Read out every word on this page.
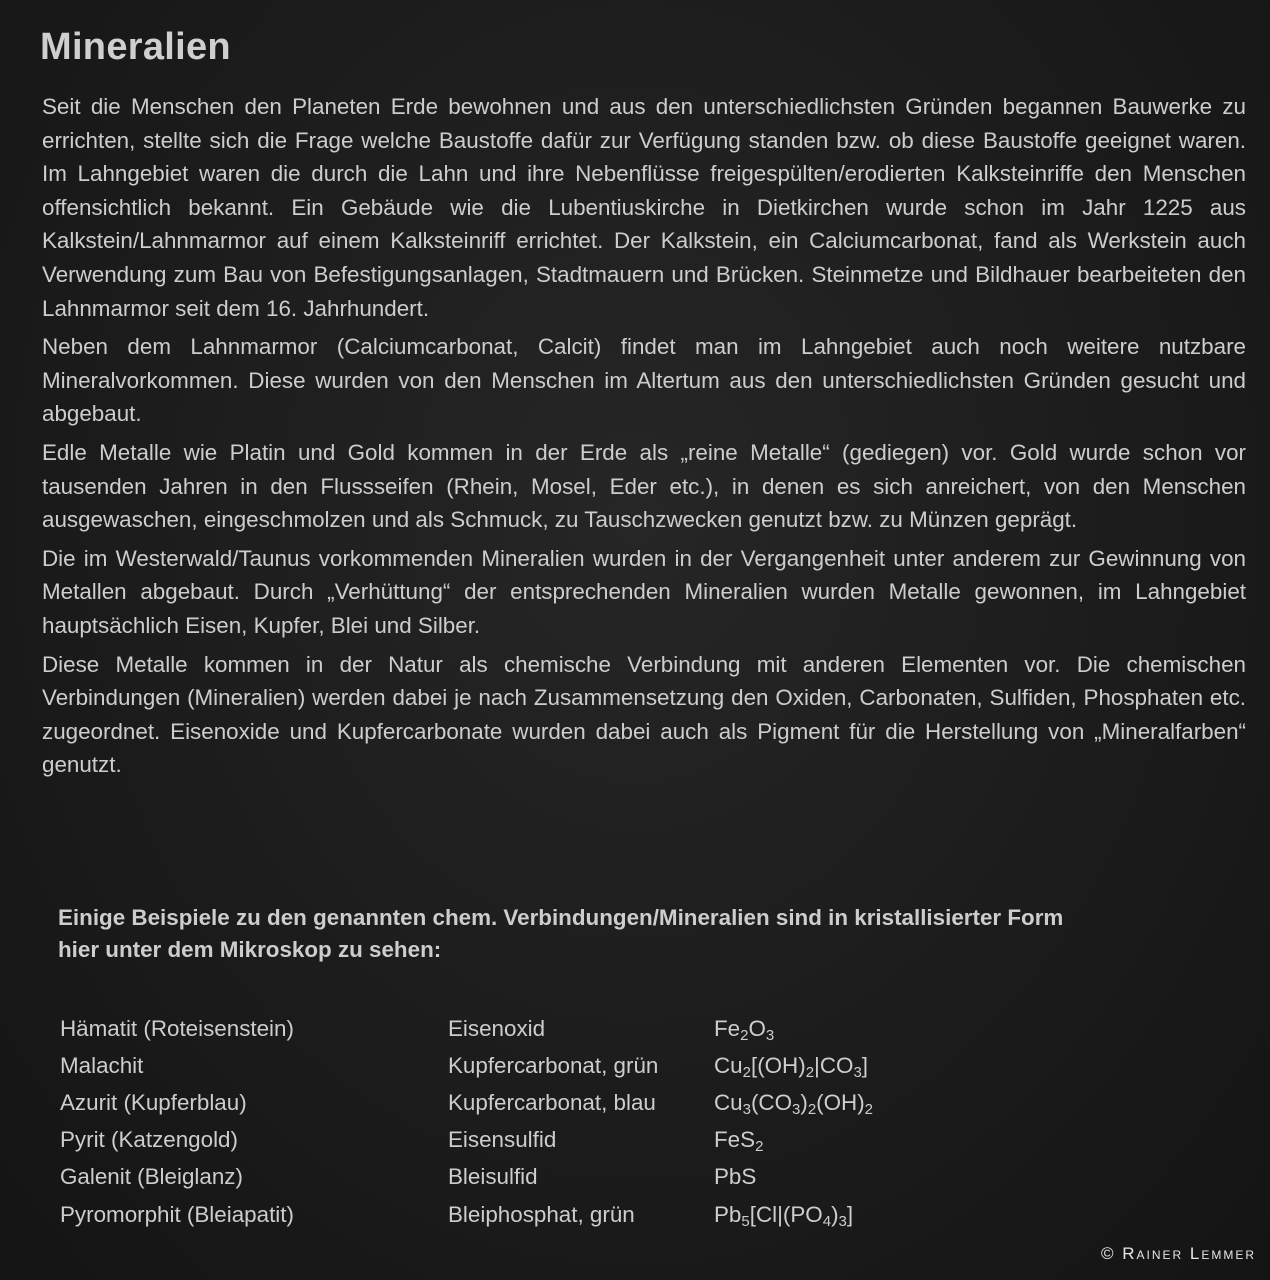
Mineralien

Seit die Menschen den Planeten Erde bewohnen und aus den unterschiedlichsten Gründen begannen Bauwerke zu errichten, stellte sich die Frage welche Baustoffe dafür zur Verfügung standen bzw. ob diese Baustoffe geeignet waren. Im Lahngebiet waren die durch die Lahn und ihre Nebenflüsse freigespülten/erodierten Kalksteinriffe den Menschen offensichtlich bekannt. Ein Gebäude wie die Lubentiuskirche in Dietkirchen wurde schon im Jahr 1225 aus Kalkstein/Lahnmarmor auf einem Kalksteinriff errichtet. Der Kalkstein, ein Calciumcarbonat, fand als Werkstein auch Verwendung zum Bau von Befestigungsanlagen, Stadtmauern und Brücken. Steinmetze und Bildhauer bearbeiteten den Lahnmarmor seit dem 16. Jahrhundert.

Neben dem Lahnmarmor (Calciumcarbonat, Calcit) findet man im Lahngebiet auch noch weitere nutzbare Mineralvorkommen. Diese wurden von den Menschen im Altertum aus den unterschiedlichsten Gründen gesucht und abgebaut.

Edle Metalle wie Platin und Gold kommen in der Erde als „reine Metalle“ (gediegen) vor. Gold wurde schon vor tausenden Jahren in den Flussseifen (Rhein, Mosel, Eder etc.), in denen es sich anreichert, von den Menschen ausgewaschen, eingeschmolzen und als Schmuck, zu Tauschzwecken genutzt bzw. zu Münzen geprägt.

Die im Westerwald/Taunus vorkommenden Mineralien wurden in der Vergangenheit unter anderem zur Gewinnung von Metallen abgebaut. Durch „Verhüttung“ der entsprechenden Mineralien wurden Metalle gewonnen, im Lahngebiet hauptsächlich Eisen, Kupfer, Blei und Silber.

Diese Metalle kommen in der Natur als chemische Verbindung mit anderen Elementen vor. Die chemischen Verbindungen (Mineralien) werden dabei je nach Zusammensetzung den Oxiden, Carbonaten, Sulfiden, Phosphaten etc. zugeordnet. Eisenoxide und Kupfercarbonate wurden dabei auch als Pigment für die Herstellung von „Mineralfarben“ genutzt.

Einige Beispiele zu den genannten chem. Verbindungen/Mineralien sind in kristallisierter Form

hier unter dem Mikroskop zu sehen:

Hämatit (Roteisenstein)	Eisenoxid	$Fe_2O_3$
Malachit	Kupfercarbonat, grün	$Cu_2[(OH)_2|CO_3]$
Azurit (Kupferblau)	Kupfercarbonat, blau	$Cu_3(CO_3)_2(OH)_2$
Pyrit (Katzengold)	Eisensulfid	FeS$_2$
Galenit (Bleiglanz)	Bleisulfid	PbS
Pyromorphit (Bleiapatit)	Bleiphosphat, grün	$Pb_5[Cl|(PO_4)_3]$
© Rainer Lemmer
